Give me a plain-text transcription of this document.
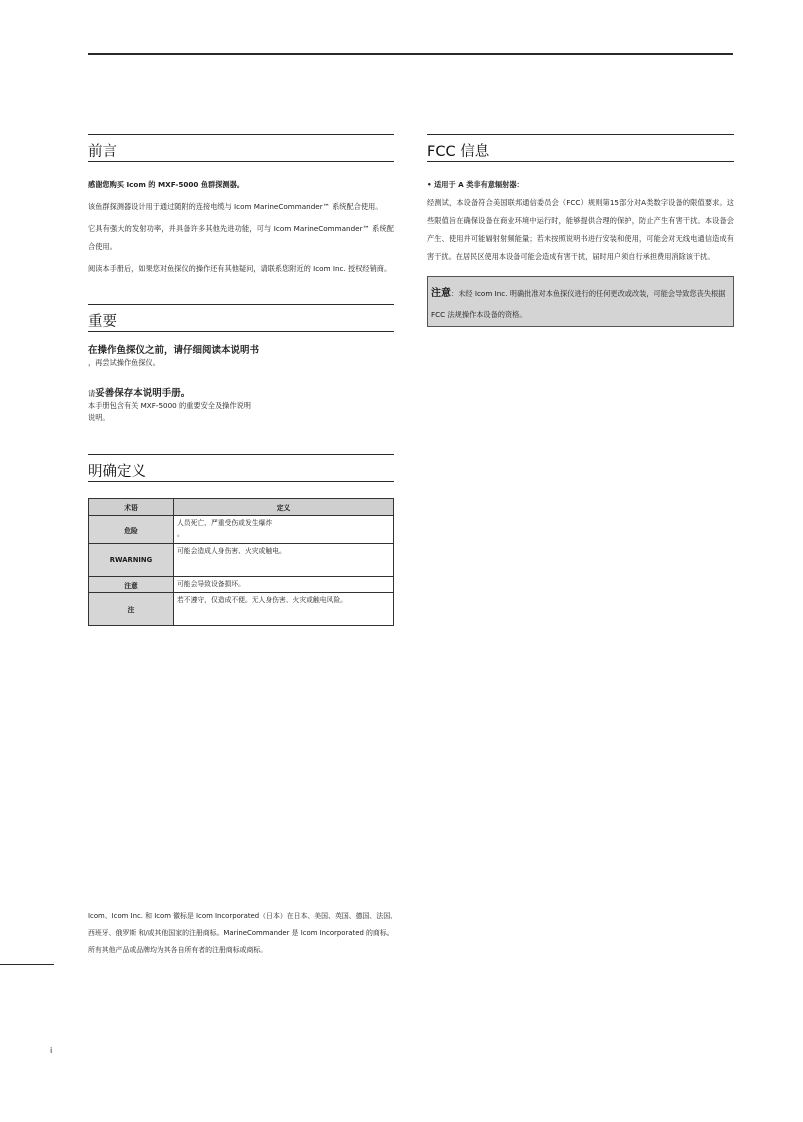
前言

感谢您购买 Icom 的 MXF-5000 鱼群探测器。

该鱼群探测器设计用于通过随附的连接电缆与 Icom MarineCommander™ 系统配合使用。

它具有强大的发射功率，并具备许多其他先进功能，可与 Icom MarineCommander™ 系统配合使用。

阅读本手册后，如果您对鱼探仪的操作还有其他疑问，请联系您附近的 Icom Inc. 授权经销商。

重要

在操作鱼探仪之前，请仔细阅读本说明书

，再尝试操作鱼探仪。

请妥善保存本说明手册。

本手册包含有关 MXF-5000 的重要安全及操作说明

说明。

明确定义
术语	定义
危险	人员死亡、严重受伤或发生爆炸
。

RWARNING	可能会造成人身伤害、火灾或触电。
注意	可能会导致设备损坏。
注	若不遵守，仅造成不便。无人身伤害、火灾或触电风险。
FCC 信息

• 适用于 A 类非有意辐射器：

经测试，本设备符合美国联邦通信委员会（FCC）规则第15部分对A类数字设备的限值要求。这些限值旨在确保设备在商业环境中运行时，能够提供合理的保护，防止产生有害干扰。本设备会产生、使用并可能辐射射频能量；若未按照说明书进行安装和使用，可能会对无线电通信造成有害干扰。在居民区使用本设备可能会造成有害干扰，届时用户须自行承担费用消除该干扰。

注意：未经 Icom Inc. 明确批准对本鱼探仪进行的任何更改或改装，可能会导致您丧失根据 FCC 法规操作本设备的资格。

Icom、Icom Inc. 和 Icom 徽标是 Icom Incorporated（日本）在日本、美国、英国、德国、法国、

西班牙、俄罗斯 和/或其他国家的注册商标。MarineCommander 是 Icom Incorporated 的商标。

所有其他产品或品牌均为其各自所有者的注册商标或商标。

i
